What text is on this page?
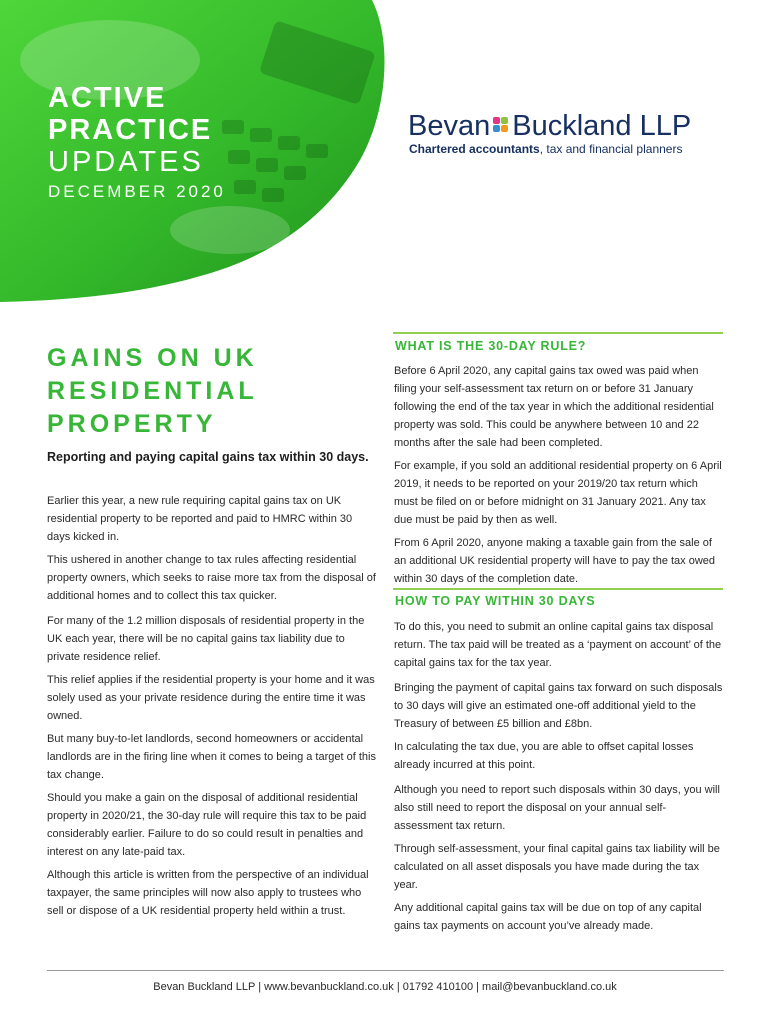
ACTIVE
PRACTICE
UPDATES
DECEMBER 2020
Bevan Buckland LLP
Chartered accountants, tax and financial planners
GAINS ON UK
RESIDENTIAL
PROPERTY
Reporting and paying capital gains tax within 30 days.

Earlier this year, a new rule requiring capital gains tax on UK residential property to be reported and paid to HMRC within 30 days kicked in.

This ushered in another change to tax rules affecting residential property owners, which seeks to raise more tax from the disposal of additional homes and to collect this tax quicker.

For many of the 1.2 million disposals of residential property in the UK each year, there will be no capital gains tax liability due to private residence relief.

This relief applies if the residential property is your home and it was solely used as your private residence during the entire time it was owned.

But many buy-to-let landlords, second homeowners or accidental landlords are in the firing line when it comes to being a target of this tax change.

Should you make a gain on the disposal of additional residential property in 2020/21, the 30-day rule will require this tax to be paid considerably earlier. Failure to do so could result in penalties and interest on any late-paid tax.

Although this article is written from the perspective of an individual taxpayer, the same principles will now also apply to trustees who sell or dispose of a UK residential property held within a trust.

WHAT IS THE 30-DAY RULE?

Before 6 April 2020, any capital gains tax owed was paid when filing your self-assessment tax return on or before 31 January following the end of the tax year in which the additional residential property was sold. This could be anywhere between 10 and 22 months after the sale had been completed.

For example, if you sold an additional residential property on 6 April 2019, it needs to be reported on your 2019/20 tax return which must be filed on or before midnight on 31 January 2021. Any tax due must be paid by then as well.

From 6 April 2020, anyone making a taxable gain from the sale of an additional UK residential property will have to pay the tax owed within 30 days of the completion date.

HOW TO PAY WITHIN 30 DAYS

To do this, you need to submit an online capital gains tax disposal return. The tax paid will be treated as a ‘payment on account’ of the capital gains tax for the tax year.

Bringing the payment of capital gains tax forward on such disposals to 30 days will give an estimated one-off additional yield to the Treasury of between £5 billion and £8bn.

In calculating the tax due, you are able to offset capital losses already incurred at this point.

Although you need to report such disposals within 30 days, you will also still need to report the disposal on your annual self-assessment tax return.

Through self-assessment, your final capital gains tax liability will be calculated on all asset disposals you have made during the tax year.

Any additional capital gains tax will be due on top of any capital gains tax payments on account you’ve already made.

Bevan Buckland LLP | www.bevanbuckland.co.uk | 01792 410100 | mail@bevanbuckland.co.uk
